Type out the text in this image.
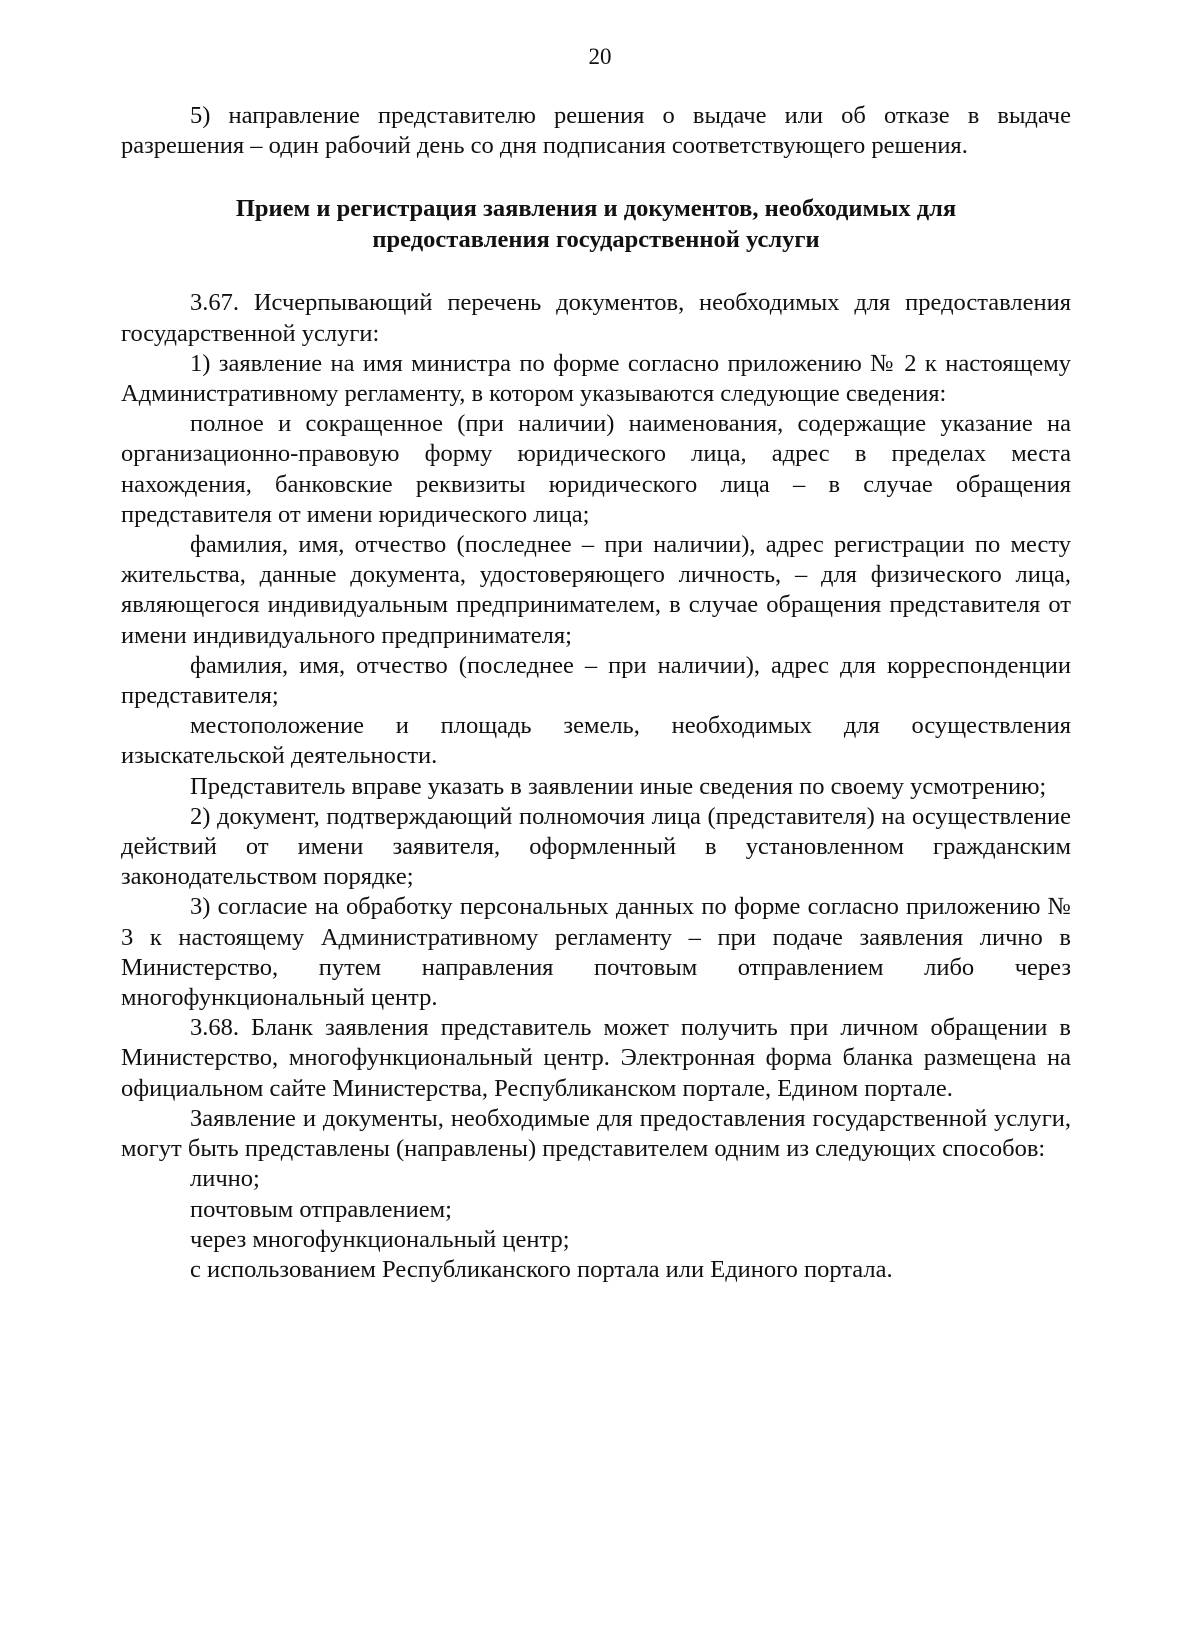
20

5) направление представителю решения о выдаче или об отказе в выдаче разрешения – один рабочий день со дня подписания соответствующего решения.

Прием и регистрация заявления и документов, необходимых для
предоставления государственной услуги

3.67. Исчерпывающий перечень документов, необходимых для предоставления государственной услуги:

1) заявление на имя министра по форме согласно приложению № 2 к настоящему Административному регламенту, в котором указываются следующие сведения:

полное и сокращенное (при наличии) наименования, содержащие указание на организационно-правовую форму юридического лица, адрес в пределах места нахождения, банковские реквизиты юридического лица – в случае обращения представителя от имени юридического лица;

фамилия, имя, отчество (последнее – при наличии), адрес регистрации по месту жительства, данные документа, удостоверяющего личность, – для физического лица, являющегося индивидуальным предпринимателем, в случае обращения представителя от имени индивидуального предпринимателя;

фамилия, имя, отчество (последнее – при наличии), адрес для корреспонденции представителя;

местоположение и площадь земель, необходимых для осуществления изыскательской деятельности.

Представитель вправе указать в заявлении иные сведения по своему усмотрению;

2) документ, подтверждающий полномочия лица (представителя) на осуществление действий от имени заявителя, оформленный в установленном гражданским законодательством порядке;

3) согласие на обработку персональных данных по форме согласно приложению № 3 к настоящему Административному регламенту – при подаче заявления лично в Министерство, путем направления почтовым отправлением либо через многофункциональный центр.

3.68. Бланк заявления представитель может получить при личном обращении в Министерство, многофункциональный центр. Электронная форма бланка размещена на официальном сайте Министерства, Республиканском портале, Едином портале.

Заявление и документы, необходимые для предоставления государственной услуги, могут быть представлены (направлены) представителем одним из следующих способов:

лично;

почтовым отправлением;

через многофункциональный центр;

с использованием Республиканского портала или Единого портала.
